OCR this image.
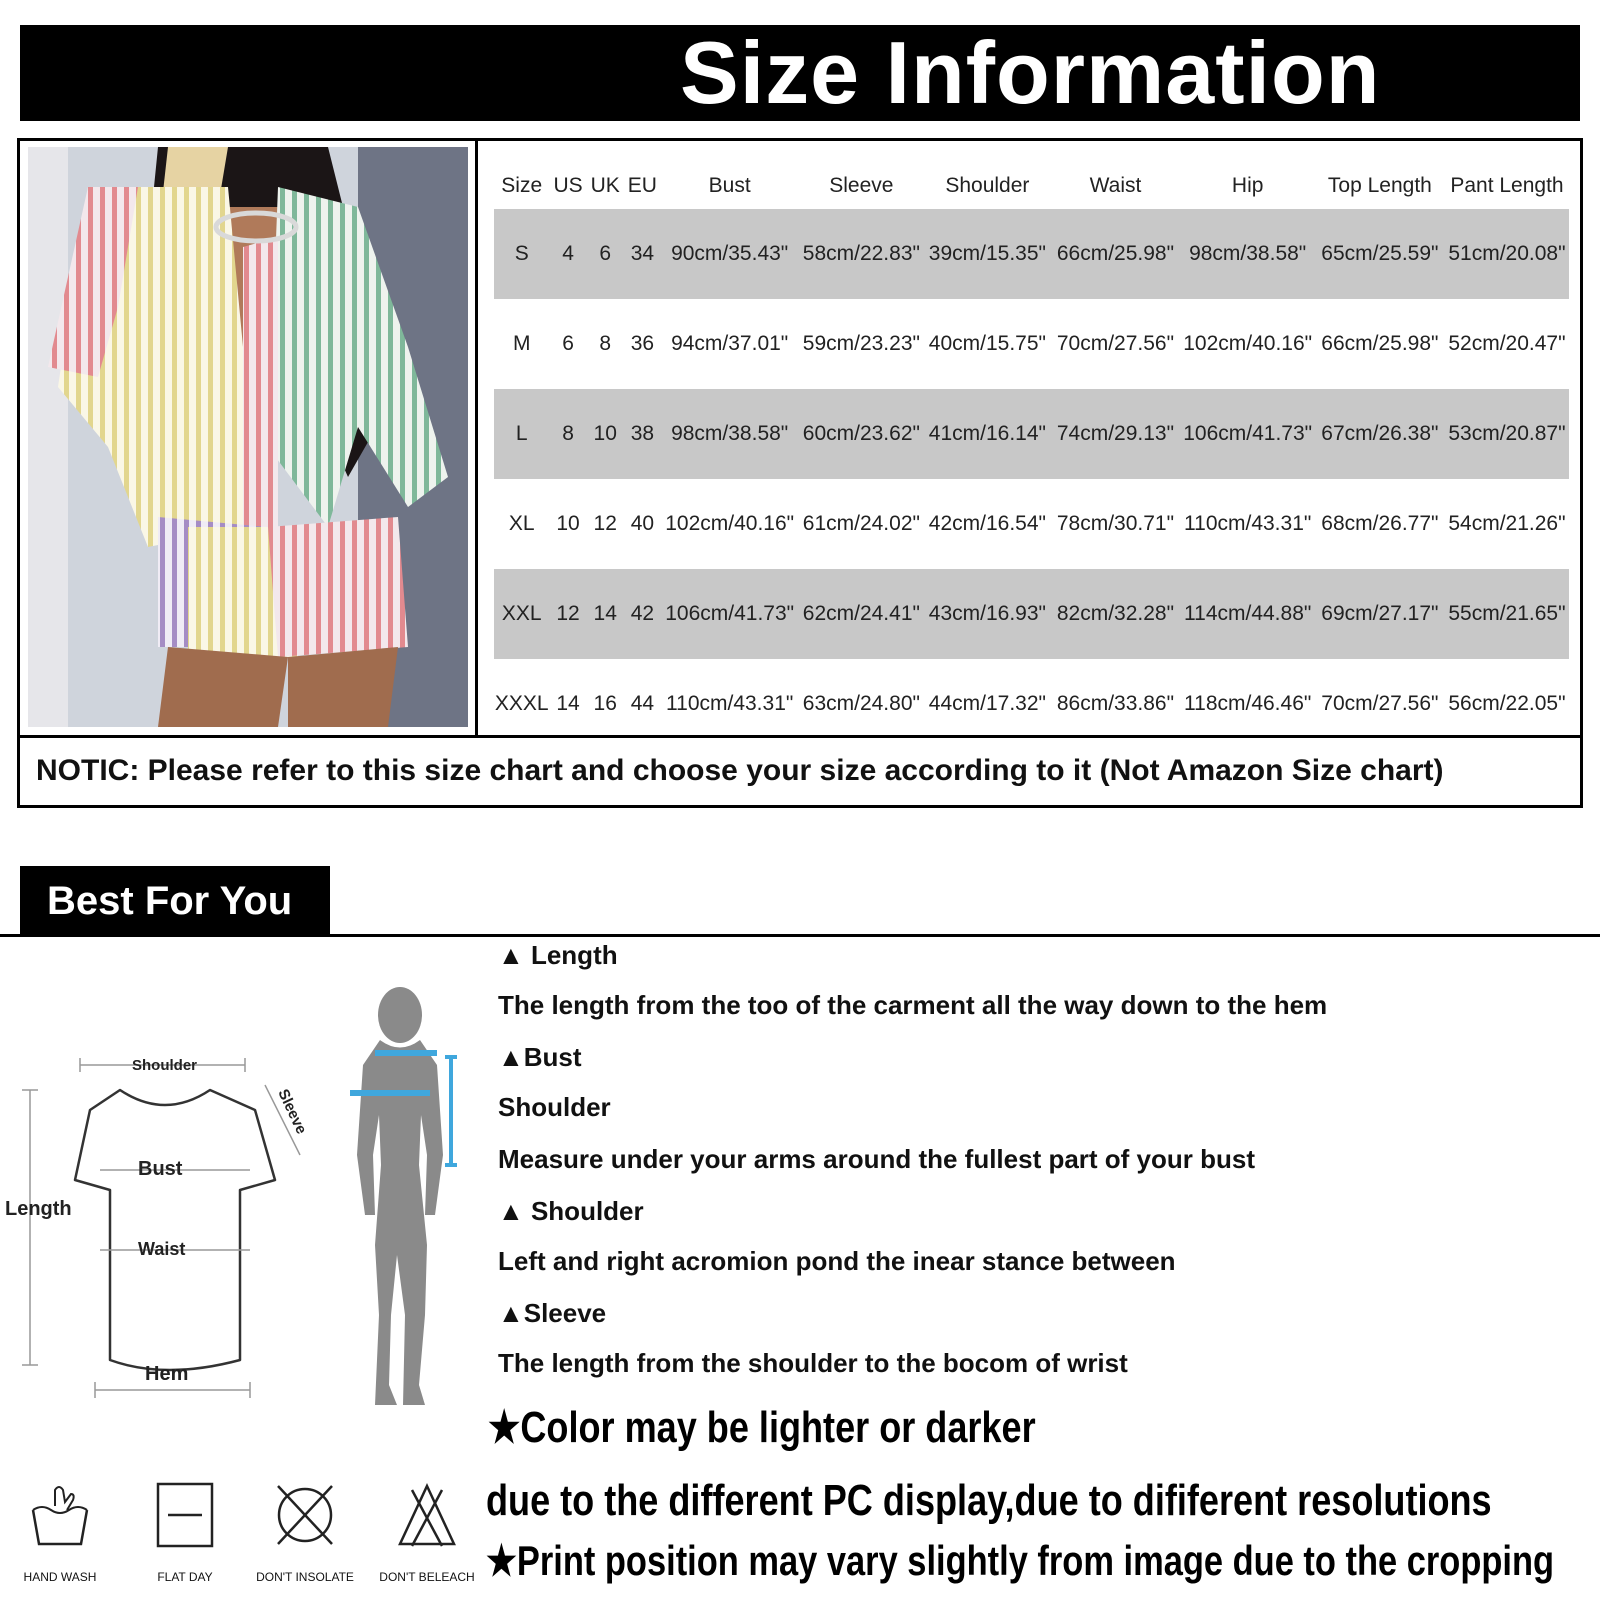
Size Information
Size	US	UK	EU	Bust	Sleeve	Shoulder	Waist	Hip	Top Length	Pant Length
S	4	6	34	90cm/35.43"	58cm/22.83"	39cm/15.35"	66cm/25.98"	98cm/38.58"	65cm/25.59"	51cm/20.08"
M	6	8	36	94cm/37.01"	59cm/23.23"	40cm/15.75"	70cm/27.56"	102cm/40.16"	66cm/25.98"	52cm/20.47"
L	8	10	38	98cm/38.58"	60cm/23.62"	41cm/16.14"	74cm/29.13"	106cm/41.73"	67cm/26.38"	53cm/20.87"
XL	10	12	40	102cm/40.16"	61cm/24.02"	42cm/16.54"	78cm/30.71"	110cm/43.31"	68cm/26.77"	54cm/21.26"
XXL	12	14	42	106cm/41.73"	62cm/24.41"	43cm/16.93"	82cm/32.28"	114cm/44.88"	69cm/27.17"	55cm/21.65"
XXXL	14	16	44	110cm/43.31"	63cm/24.80"	44cm/17.32"	86cm/33.86"	118cm/46.46"	70cm/27.56"	56cm/22.05"
NOTIC: Please refer to this size chart and choose your size according to it (Not Amazon Size chart)
Best For You
Shoulder
Sleeve
Bust
Length
Waist
Hem
▲ Length
The length from the too of the carment all the way down to the hem
▲Bust
Shoulder
Measure under your arms around the fullest part of your bust
▲ Shoulder
Left and right acromion pond the inear stance between
▲Sleeve
The length from the shoulder to the bocom of wrist
★Color may be lighter or darker
due to the different PC display,due to dififerent resolutions
★Print position may vary slightly from image due to the cropping
HAND WASH	FLAT DAY	DON'T INSOLATE	DON'T BELEACH
